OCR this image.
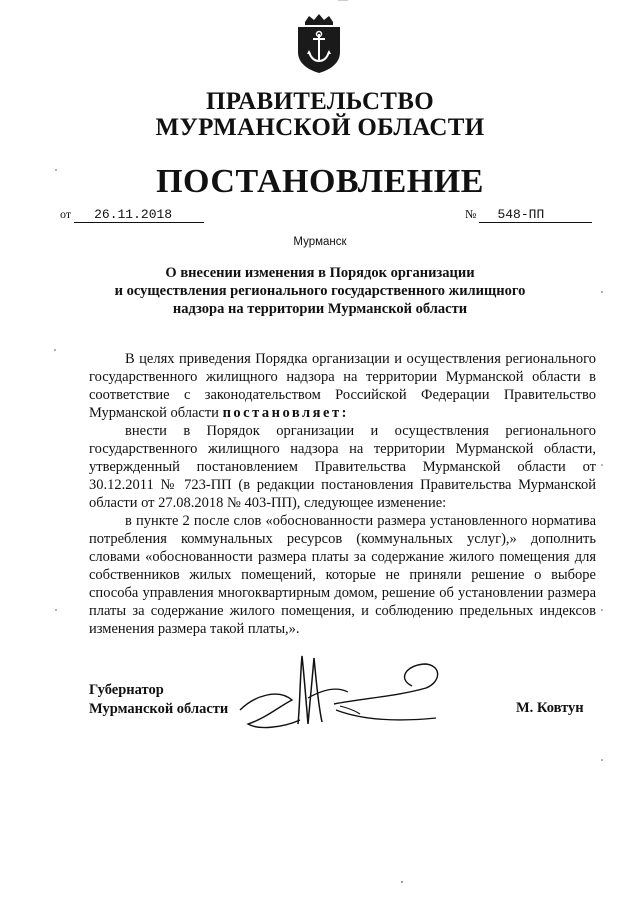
ПРАВИТЕЛЬСТВО
МУРМАНСКОЙ ОБЛАСТИ
ПОСТАНОВЛЕНИЕ
от 26.11.2018	№ 548-ПП
Мурманск
О внесении изменения в Порядок организации
и осуществления регионального государственного жилищного
надзора на территории Мурманской области

В целях приведения Порядка организации и осуществления регионального государственного жилищного надзора на территории Мурманской области в соответствие с законодательством Российской Федерации Правительство Мурманской области постановляет:

внести в Порядок организации и осуществления регионального государственного жилищного надзора на территории Мурманской области, утвержденный постановлением Правительства Мурманской области от 30.12.2011 № 723-ПП (в редакции постановления Правительства Мурманской области от 27.08.2018 № 403-ПП), следующее изменение:

в пункте 2 после слов «обоснованности размера установленного норматива потребления коммунальных ресурсов (коммунальных услуг),» дополнить словами «обоснованности размера платы за содержание жилого помещения для собственников жилых помещений, которые не приняли решение о выборе способа управления многоквартирным домом, решение об установлении размера платы за содержание жилого помещения, и соблюдению предельных индексов изменения размера такой платы,».

Губернатор
Мурманской области	М. Ковтун
